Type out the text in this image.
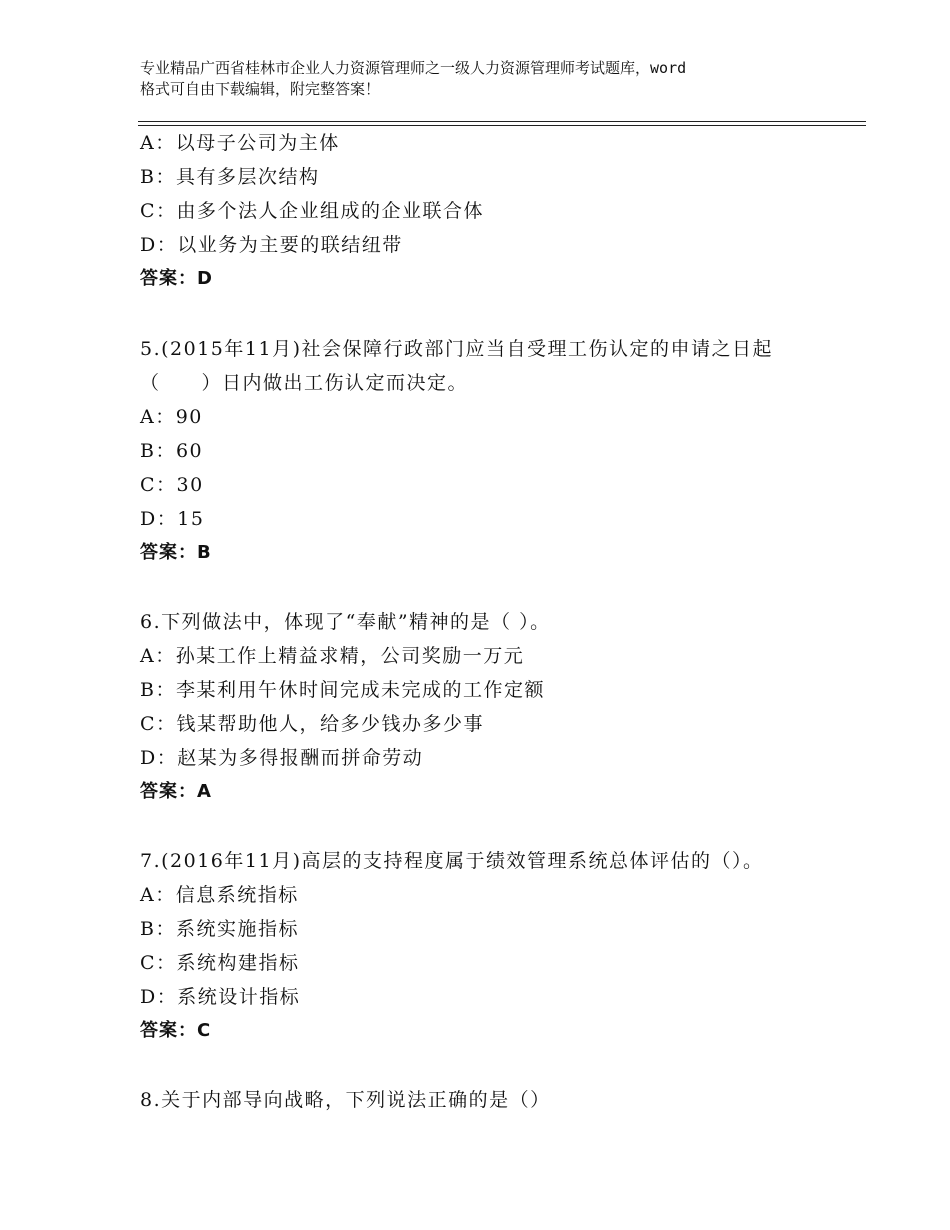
专业精品广西省桂林市企业人力资源管理师之一级人力资源管理师考试题库，word
格式可自由下载编辑，附完整答案！
A：以母子公司为主体
B：具有多层次结构
C：由多个法人企业组成的企业联合体
D：以业务为主要的联结纽带
答案：D
5.(2015年11月)社会保障行政部门应当自受理工伤认定的申请之日起
（　　）日内做出工伤认定而决定。
A：90
B：60
C：30
D：15
答案：B
6.下列做法中，体现了“奉献”精神的是（ ）。
A：孙某工作上精益求精，公司奖励一万元
B：李某利用午休时间完成未完成的工作定额
C：钱某帮助他人，给多少钱办多少事
D：赵某为多得报酬而拼命劳动
答案：A
7.(2016年11月)高层的支持程度属于绩效管理系统总体评估的（）。
A：信息系统指标
B：系统实施指标
C：系统构建指标
D：系统设计指标
答案：C
8.关于内部导向战略，下列说法正确的是（）
